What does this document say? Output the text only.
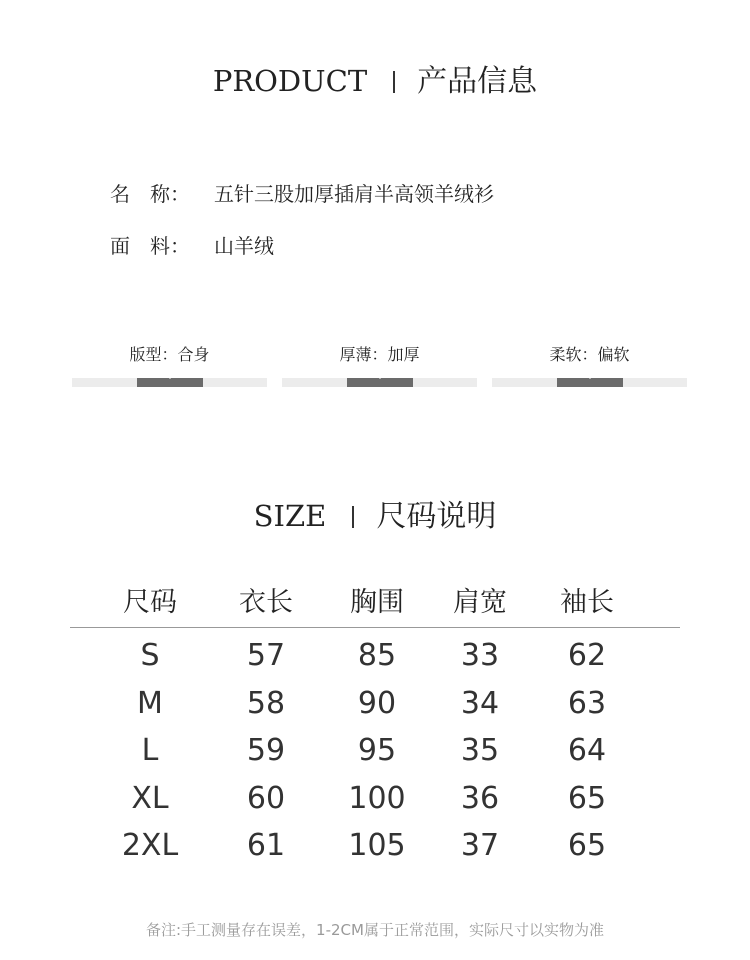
PRODUCT 产品信息
名　称： 五针三股加厚插肩半高领羊绒衫
面　料： 山羊绒
版型：合身	厚薄：加厚	柔软：偏软
SIZE 尺码说明
尺码	衣长	胸围	肩宽	袖长
S	57	85	33	62
M	58	90	34	63
L	59	95	35	64
XL	60	100	36	65
2XL	61	105	37	65
备注:手工测量存在误差，1-2CM属于正常范围，实际尺寸以实物为准
